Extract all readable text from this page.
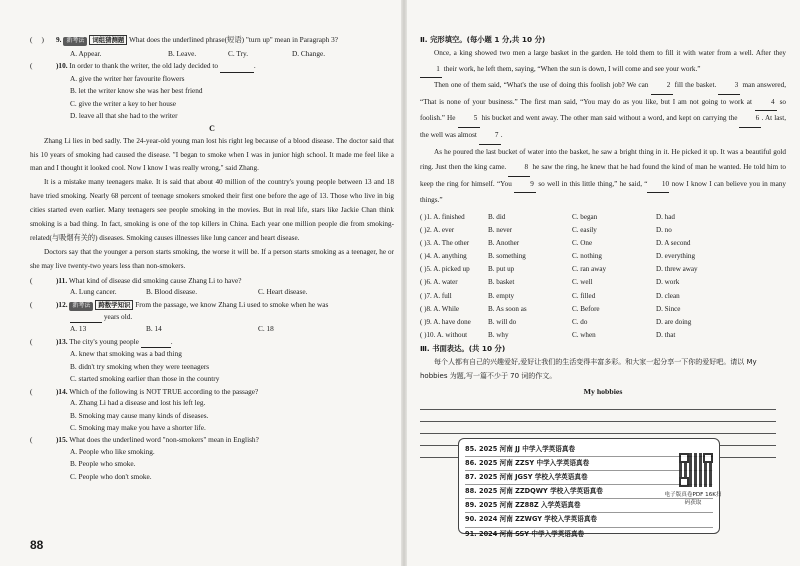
(     ) 9. 新考法 词组猜测题 What does the underlined phrase(短语) "turn up" mean in Paragraph 3?
A. Appear.	B. Leave.	C. Try.	D. Change.
(	)10. In order to thank the writer, the old lady decided to	.
A. give the writer her favourite flowers
B. let the writer know she was her best friend
C. give the writer a key to her house
D. leave all that she had to the writer
C

Zhang Li lies in bed sadly. The 24-year-old young man lost his right leg because of a blood disease. The doctor said that his 10 years of smoking had caused the disease. "I began to smoke when I was in junior high school. It made me feel like a man and I thought it looked cool. Now I know I was really wrong," said Zhang.

It is a mistake many teenagers make. It is said that about 40 million of the country's young people between 13 and 18 have tried smoking. Nearly 68 percent of teenage smokers smoked their first one before the age of 13. Those who live in big cities started even earlier. Many teenagers see people smoking in the movies. But in real life, stars like Jackie Chan think smoking is a bad thing. In fact, smoking is one of the top killers in China. Each year one million people die from smoking-related(与吸烟有关的) diseases. Smoking causes illnesses like lung cancer and heart disease.

Doctors say that the younger a person starts smoking, the worse it will be. If a person starts smoking as a teenager, he or she may live twenty-two years less than non-smokers.

(	)11. What kind of disease did smoking cause Zhang Li to have?
A. Lung cancer.	B. Blood disease.	C. Heart disease.
(	)12. 新考法 跨数学知识 From the passage, we know Zhang Li used to smoke when he was
years old.
A. 13	B. 14	C. 18
(	)13. The city's young people	.
A. knew that smoking was a bad thing
B. didn't try smoking when they were teenagers
C. started smoking earlier than those in the country
(	)14. Which of the following is NOT TRUE according to the passage?
A. Zhang Li had a disease and lost his left leg.
B. Smoking may cause many kinds of diseases.
C. Smoking may make you have a shorter life.
(	)15. What does the underlined word "non-smokers" mean in English?
A. People who like smoking.
B. People who smoke.
C. People who don't smoke.
88
Ⅱ. 完形填空。(每小题 1 分,共 10 分)

Once, a king showed two men a large basket in the garden. He told them to fill it with water from a well. After they 1 their work, he left them, saying, “When the sun is down, I will come and see your work.”

Then one of them said, “What's the use of doing this foolish job? We can 2 fill the basket. 3 man answered, “That is none of your business.” The first man said, “You may do as you like, but I am not going to work at 4 so foolish.” He 5 his bucket and went away. The other man said without a word, and kept on carrying the 6 . At last, the well was almost 7 .

As he poured the last bucket of water into the basket, he saw a bright thing in it. He picked it up. It was a beautiful gold ring. Just then the king came. 8 he saw the ring, he knew that he had found the kind of man he wanted. He told him to keep the ring for himself. “You 9 so well in this little thing,” he said, “ 10 now I know I can believe you in many things.”

( )1. A. finished	B. did	C. began	D. had
( )2. A. ever	B. never	C. easily	D. no
( )3. A. The other	B. Another	C. One	D. A second
( )4. A. anything	B. something	C. nothing	D. everything
( )5. A. picked up	B. put up	C. ran away	D. threw away
( )6. A. water	B. basket	C. well	D. work
( )7. A. full	B. empty	C. filled	D. clean
( )8. A. While	B. As soon as	C. Before	D. Since
( )9. A. have done	B. will do	C. do	D. are doing
( )10. A. without	B. why	C. when	D. that
Ⅲ. 书面表达。(共 10 分)
每个人都有自己的兴趣爱好,爱好让我们的生活变得丰富多彩。和大家一起分享一下你的爱好吧。请以 My hobbies 为题,写一篇不少于 70 词的作文。
My hobbies
85. 2025 河南 JJ 中学入学英语真卷
86. 2025 河南 ZZSY 中学入学英语真卷
87. 2025 河南 JGSY 学校入学英语真卷
88. 2025 河南 ZZDQWY 学校入学英语真卷
89. 2025 河南 ZZ88Z 入学英语真卷
90. 2024 河南 ZZWGY 学校入学英语真卷
91. 2024 河南 SSY 中学入学英语真卷
电子版真卷PDF 16K扫码获取
